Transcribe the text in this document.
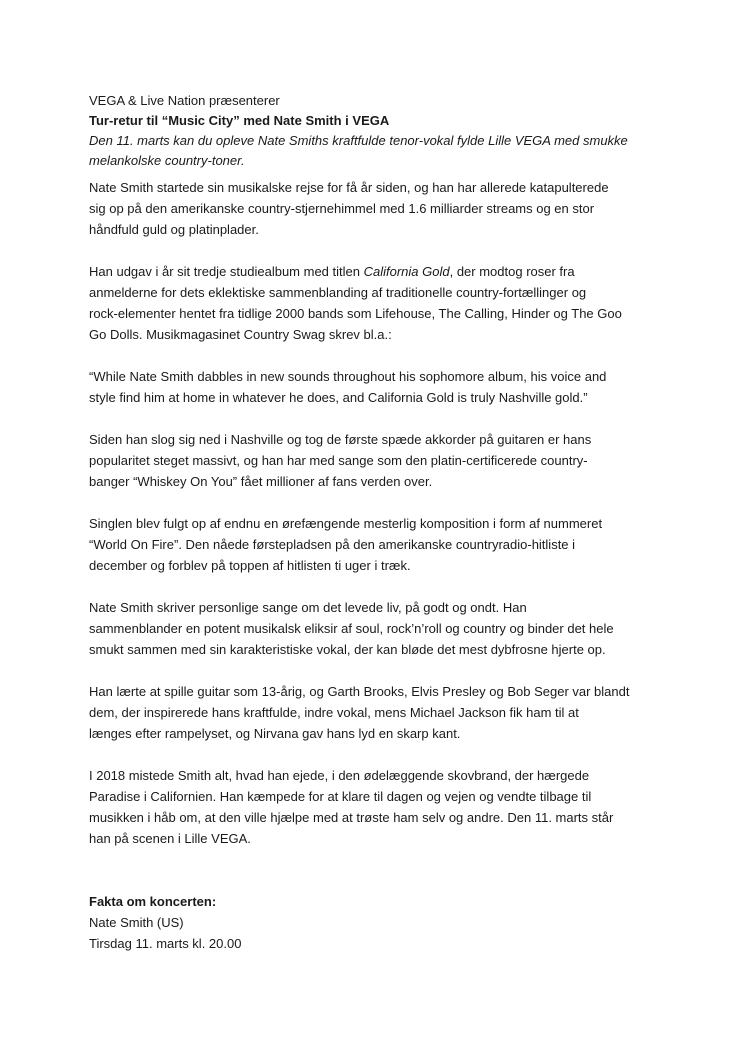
VEGA & Live Nation præsenterer

Tur-retur til “Music City” med Nate Smith i VEGA

Den 11. marts kan du opleve Nate Smiths kraftfulde tenor-vokal fylde Lille VEGA med smukke

melankolske country-toner.

Nate Smith startede sin musikalske rejse for få år siden, og han har allerede katapulterede

sig op på den amerikanske country-stjernehimmel med 1.6 milliarder streams og en stor

håndfuld guld og platinplader.

Han udgav i år sit tredje studiealbum med titlen California Gold, der modtog roser fra

anmelderne for dets eklektiske sammenblanding af traditionelle country-fortællinger og

rock-elementer hentet fra tidlige 2000 bands som Lifehouse, The Calling, Hinder og The Goo

Go Dolls. Musikmagasinet Country Swag skrev bl.a.:

“While Nate Smith dabbles in new sounds throughout his sophomore album, his voice and

style find him at home in whatever he does, and California Gold is truly Nashville gold.”

Siden han slog sig ned i Nashville og tog de første spæde akkorder på guitaren er hans

popularitet steget massivt, og han har med sange som den platin-certificerede country-

banger “Whiskey On You” fået millioner af fans verden over.

Singlen blev fulgt op af endnu en ørefængende mesterlig komposition i form af nummeret

“World On Fire”. Den nåede førstepladsen på den amerikanske countryradio-hitliste i

december og forblev på toppen af hitlisten ti uger i træk.

Nate Smith skriver personlige sange om det levede liv, på godt og ondt. Han

sammenblander en potent musikalsk eliksir af soul, rock’n’roll og country og binder det hele

smukt sammen med sin karakteristiske vokal, der kan bløde det mest dybfrosne hjerte op.

Han lærte at spille guitar som 13-årig, og Garth Brooks, Elvis Presley og Bob Seger var blandt

dem, der inspirerede hans kraftfulde, indre vokal, mens Michael Jackson fik ham til at

længes efter rampelyset, og Nirvana gav hans lyd en skarp kant.

I 2018 mistede Smith alt, hvad han ejede, i den ødelæggende skovbrand, der hærgede

Paradise i Californien. Han kæmpede for at klare til dagen og vejen og vendte tilbage til

musikken i håb om, at den ville hjælpe med at trøste ham selv og andre. Den 11. marts står

han på scenen i Lille VEGA.

Fakta om koncerten:

Nate Smith (US)

Tirsdag 11. marts kl. 20.00
